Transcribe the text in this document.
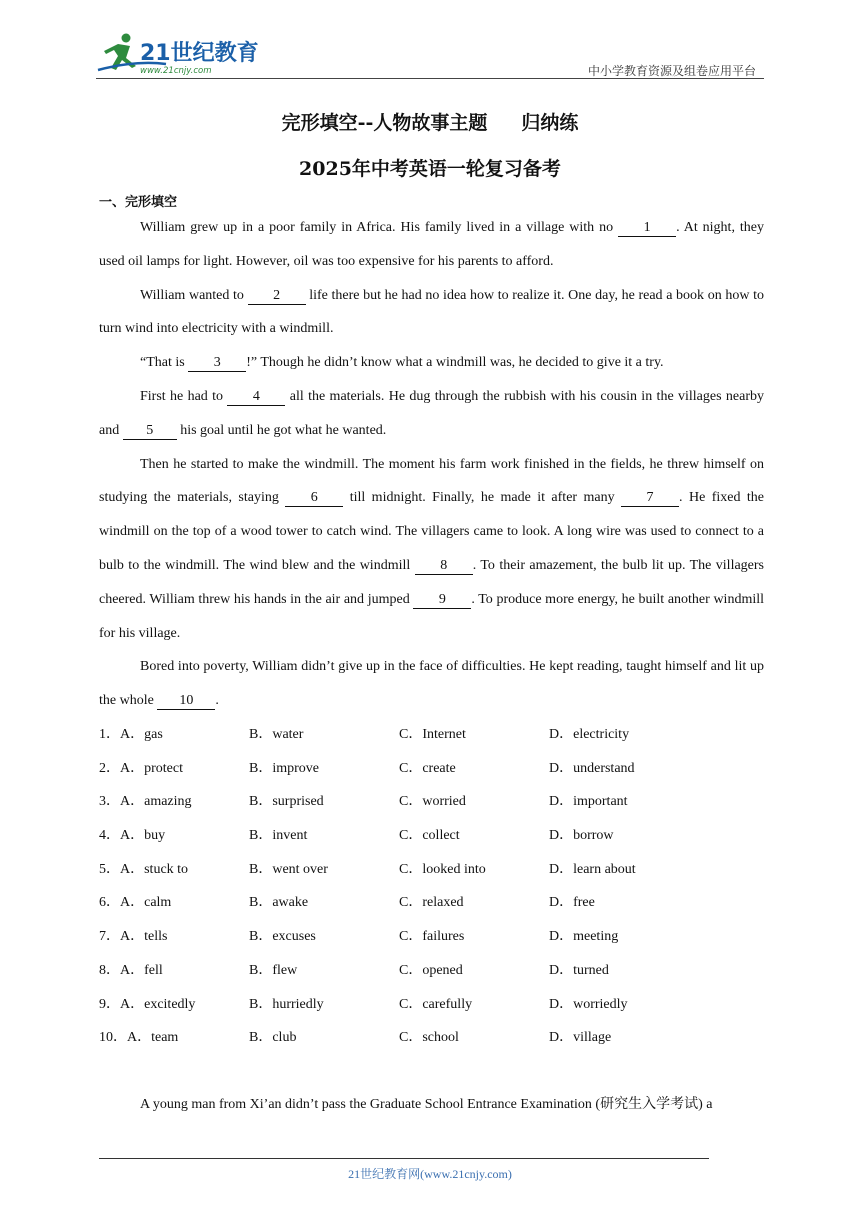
21世纪教育
www.21cnjy.com	中小学教育资源及组卷应用平台
完形填空--人物故事主题 归纳练
2025年中考英语一轮复习备考
一、完形填空

William grew up in a poor family in Africa. His family lived in a village with no 1 . At night, they used oil lamps for light. However, oil was too expensive for his parents to afford.

William wanted to 2 life there but he had no idea how to realize it. One day, he read a book on how to turn wind into electricity with a windmill.

“That is 3 !” Though he didn’t know what a windmill was, he decided to give it a try.

First he had to 4 all the materials. He dug through the rubbish with his cousin in the villages nearby and 5 his goal until he got what he wanted.

Then he started to make the windmill. The moment his farm work finished in the fields, he threw himself on studying the materials, staying 6 till midnight. Finally, he made it after many 7 . He fixed the windmill on the top of a wood tower to catch wind. The villagers came to look. A long wire was used to connect to a bulb to the windmill. The wind blew and the windmill 8 . To their amazement, the bulb lit up. The villagers cheered. William threw his hands in the air and jumped 9 . To produce more energy, he built another windmill for his village.

Bored into poverty, William didn’t give up in the face of difficulties. He kept reading, taught himself and lit up the whole 10 .

1．A．gas	B．water	C．Internet	D．electricity
2．A．protect	B．improve	C．create	D．understand
3．A．amazing	B．surprised	C．worried	D．important
4．A．buy	B．invent	C．collect	D．borrow
5．A．stuck to	B．went over	C．looked into	D．learn about
6．A．calm	B．awake	C．relaxed	D．free
7．A．tells	B．excuses	C．failures	D．meeting
8．A．fell	B．flew	C．opened	D．turned
9．A．excitedly	B．hurriedly	C．carefully	D．worriedly
10．A．team	B．club	C．school	D．village
A young man from Xi’an didn’t pass the Graduate School Entrance Examination (研究生入学考试) a
21世纪教育网(www.21cnjy.com)
